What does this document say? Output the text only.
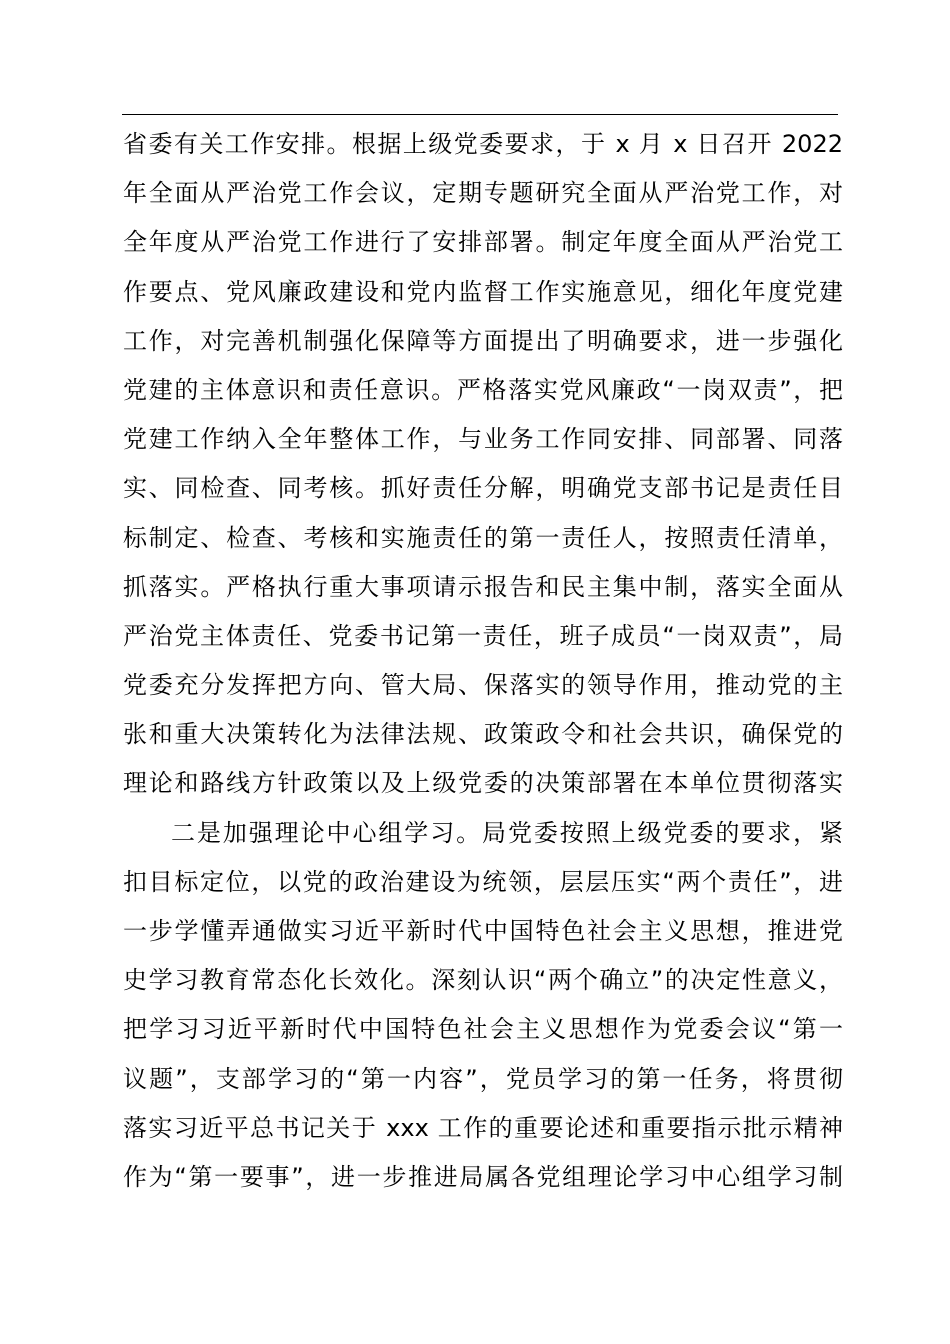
省委有关工作安排。根据上级党委要求，于 x 月 x 日召开 2022
年全面从严治党工作会议，定期专题研究全面从严治党工作，对
全年度从严治党工作进行了安排部署。制定年度全面从严治党工
作要点、党风廉政建设和党内监督工作实施意见，细化年度党建
工作，对完善机制强化保障等方面提出了明确要求，进一步强化
党建的主体意识和责任意识。严格落实党风廉政“一岗双责”，把
党建工作纳入全年整体工作，与业务工作同安排、同部署、同落
实、同检查、同考核。抓好责任分解，明确党支部书记是责任目
标制定、检查、考核和实施责任的第一责任人，按照责任清单，
抓落实。严格执行重大事项请示报告和民主集中制，落实全面从
严治党主体责任、党委书记第一责任，班子成员“一岗双责”，局
党委充分发挥把方向、管大局、保落实的领导作用，推动党的主
张和重大决策转化为法律法规、政策政令和社会共识，确保党的
理论和路线方针政策以及上级党委的决策部署在本单位贯彻落实
二是加强理论中心组学习。局党委按照上级党委的要求，紧
扣目标定位，以党的政治建设为统领，层层压实“两个责任”，进
一步学懂弄通做实习近平新时代中国特色社会主义思想，推进党
史学习教育常态化长效化。深刻认识“两个确立”的决定性意义，
把学习习近平新时代中国特色社会主义思想作为党委会议“第一
议题”，支部学习的“第一内容”，党员学习的第一任务，将贯彻
落实习近平总书记关于 xxx 工作的重要论述和重要指示批示精神
作为“第一要事”，进一步推进局属各党组理论学习中心组学习制
